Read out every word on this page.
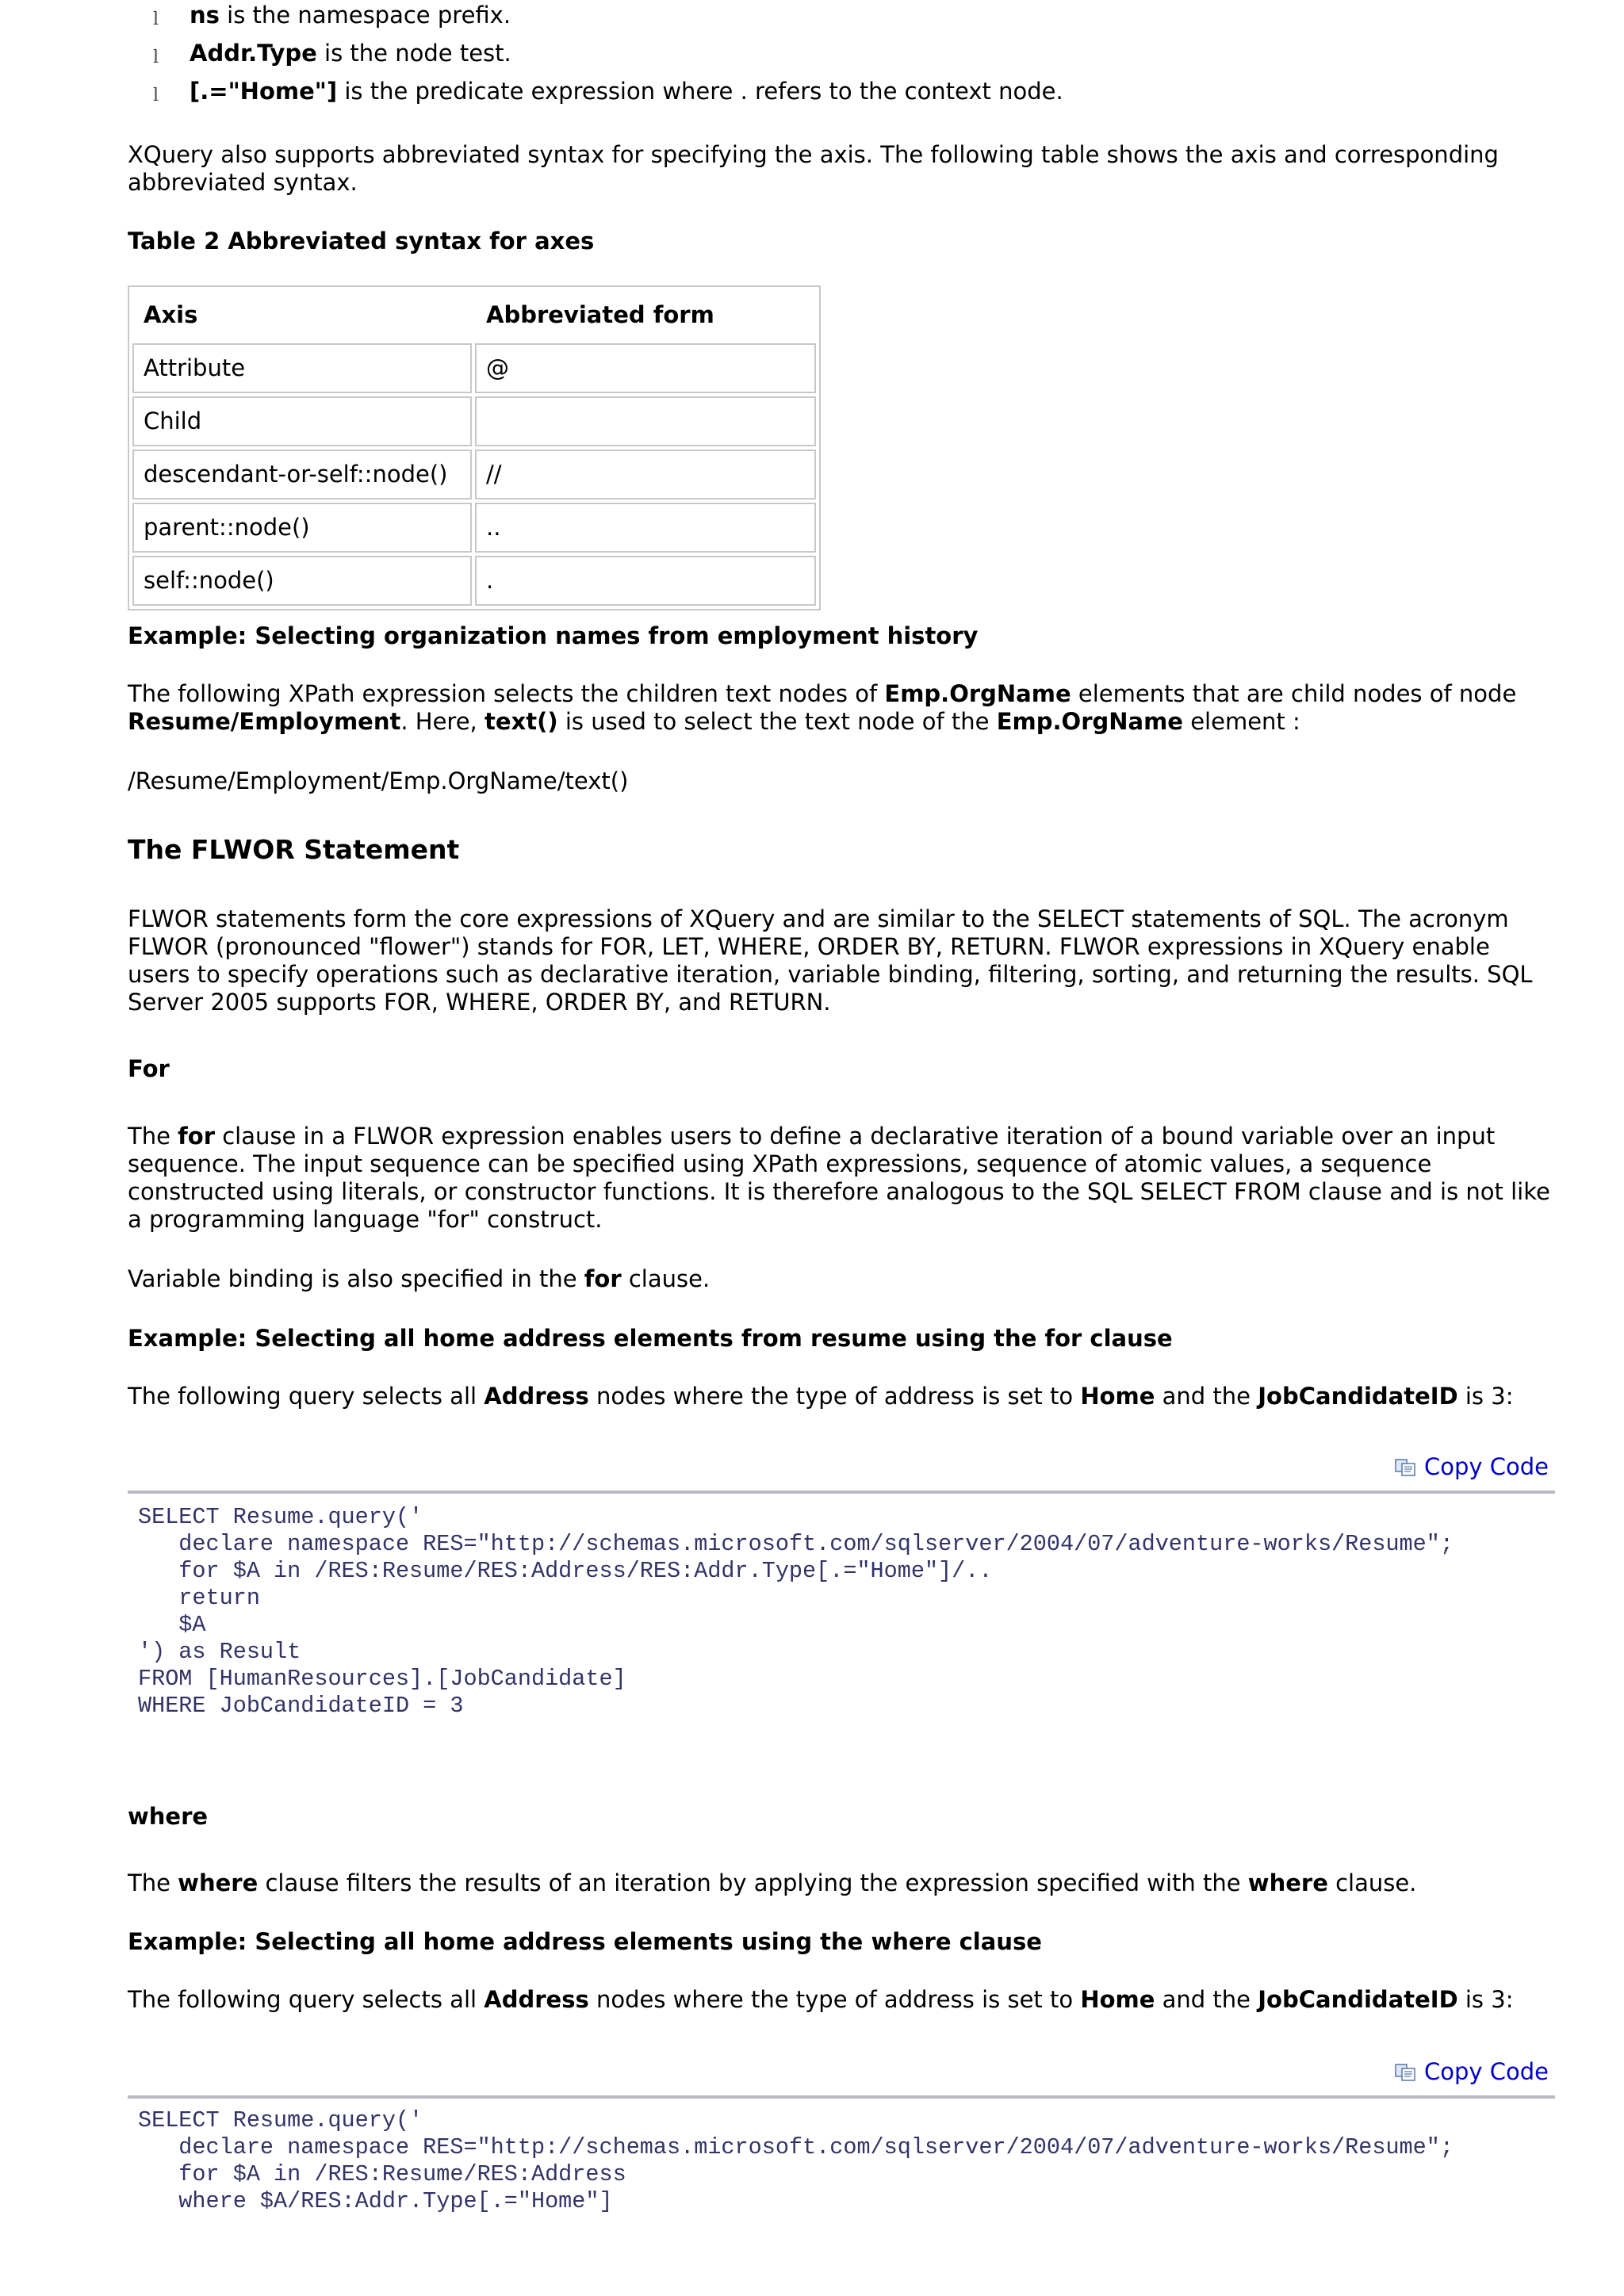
l ns is the namespace prefix.
l Addr.Type is the node test.
l [.="Home"] is the predicate expression where . refers to the context node.

XQuery also supports abbreviated syntax for specifying the axis. The following table shows the axis and corresponding abbreviated syntax.

Table 2 Abbreviated syntax for axes
Axis	Abbreviated form
Attribute	@
Child	
descendant-or-self::node()	//
parent::node()	..
self::node()	.
Example: Selecting organization names from employment history

The following XPath expression selects the children text nodes of Emp.OrgName elements that are child nodes of node Resume/Employment. Here, text() is used to select the text node of the Emp.OrgName element :

/Resume/Employment/Emp.OrgName/text()
The FLWOR Statement

FLWOR statements form the core expressions of XQuery and are similar to the SELECT statements of SQL. The acronym FLWOR (pronounced "flower") stands for FOR, LET, WHERE, ORDER BY, RETURN. FLWOR expressions in XQuery enable users to specify operations such as declarative iteration, variable binding, filtering, sorting, and returning the results. SQL Server 2005 supports FOR, WHERE, ORDER BY, and RETURN.

For

The for clause in a FLWOR expression enables users to define a declarative iteration of a bound variable over an input sequence. The input sequence can be specified using XPath expressions, sequence of atomic values, a sequence constructed using literals, or constructor functions. It is therefore analogous to the SQL SELECT FROM clause and is not like a programming language "for" construct.

Variable binding is also specified in the for clause.

Example: Selecting all home address elements from resume using the for clause

The following query selects all Address nodes where the type of address is set to Home and the JobCandidateID is 3:

Copy Code
SELECT Resume.query('
declare namespace RES="http://schemas.microsoft.com/sqlserver/2004/07/adventure-works/Resume";
for $A in /RES:Resume/RES:Address/RES:Addr.Type[.="Home"]/..
return
$A
') as Result
FROM [HumanResources].[JobCandidate]
WHERE JobCandidateID = 3
where

The where clause filters the results of an iteration by applying the expression specified with the where clause.

Example: Selecting all home address elements using the where clause

The following query selects all Address nodes where the type of address is set to Home and the JobCandidateID is 3:

Copy Code
SELECT Resume.query('
declare namespace RES="http://schemas.microsoft.com/sqlserver/2004/07/adventure-works/Resume";
for $A in /RES:Resume/RES:Address
where $A/RES:Addr.Type[.="Home"]
